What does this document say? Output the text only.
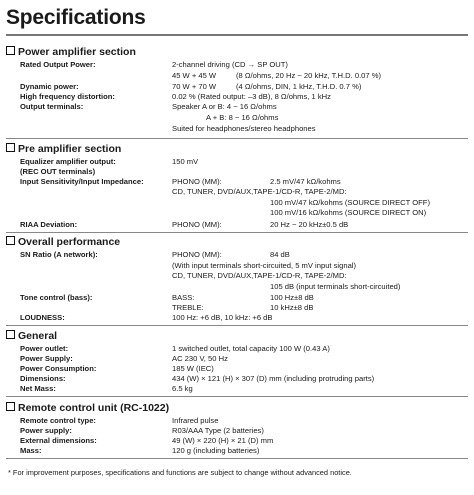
Specifications
Power amplifier section
Rated Output Power:	2-channel driving (CD → SP OUT)
45 W + 45 W	(8 Ω/ohms, 20 Hz ~ 20 kHz, T.H.D. 0.07 %)
Dynamic power:	70 W + 70 W	(4 Ω/ohms, DIN, 1 kHz, T.H.D. 0.7 %)
High frequency distortion:	0.02 % (Rated output: –3 dB), 8 Ω/ohms, 1 kHz
Output terminals:	Speaker A or B: 4 ~ 16 Ω/ohms
A + B: 8 ~ 16 Ω/ohms
Suited for headphones/stereo headphones
Pre amplifier section
Equalizer amplifier output:	150 mV
(REC OUT terminals)
Input Sensitivity/Input Impedance:	PHONO (MM):	2.5 mV/47 kΩ/kohms
CD, TUNER, DVD/AUX,TAPE-1/CD-R, TAPE-2/MD:
100 mV/47 kΩ/kohms (SOURCE DIRECT OFF)
100 mV/16 kΩ/kohms (SOURCE DIRECT ON)
RIAA Deviation:	PHONO (MM):	20 Hz ~ 20 kHz±0.5 dB
Overall performance
SN Ratio (A network):	PHONO (MM):	84 dB
(With input terminals short-circuited, 5 mV input signal)
CD, TUNER, DVD/AUX,TAPE-1/CD-R, TAPE-2/MD:
105 dB (input terminals short-circuited)
Tone control (bass):	BASS:	100 Hz±8 dB
TREBLE:	10 kHz±8 dB
LOUDNESS:	100 Hz: +6 dB, 10 kHz: +6 dB
General
Power outlet:	1 switched outlet, total capacity 100 W (0.43 A)
Power Supply:	AC 230 V, 50 Hz
Power Consumption:	185 W (IEC)
Dimensions:	434 (W) × 121 (H) × 307 (D) mm (including protruding parts)
Net Mass:	6.5 kg
Remote control unit (RC-1022)
Remote control type:	Infrared pulse
Power supply:	R03/AAA Type (2 batteries)
External dimensions:	49 (W) × 220 (H) × 21 (D) mm
Mass:	120 g (including batteries)
* For improvement purposes, specifications and functions are subject to change without advanced notice.
